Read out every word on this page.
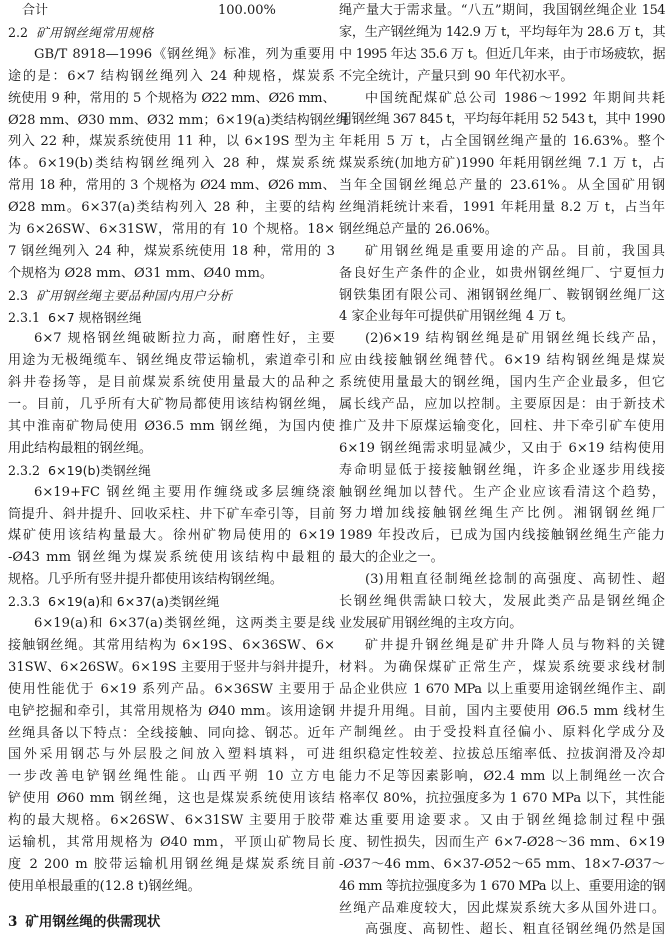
合计	100.00%
2.2 矿用钢丝绳常用规格
GB/T 8918—1996《钢丝绳》标准，列为重要用
途的是：6×7 结构钢丝绳列入 24 种规格，煤炭系
统使用 9 种，常用的 5 个规格为 Ø22 mm、Ø26 mm、
Ø28 mm、Ø30 mm、Ø32 mm；6×19(a)类结构钢丝绳
列入 22 种，煤炭系统使用 11 种，以 6×19S 型为主
体。6×19(b)类结构钢丝绳列入 28 种，煤炭系统
常用 18 种，常用的 3 个规格为 Ø24 mm、Ø26 mm、
Ø28 mm。6×37(a)类结构列入 28 种，主要的结构
为 6×26SW、6×31SW，常用的有 10 个规格。18×
7 钢丝绳列入 24 种，煤炭系统使用 18 种，常用的 3
个规格为 Ø28 mm、Ø31 mm、Ø40 mm。
2.3 矿用钢丝绳主要品种国内用户分析
2.3.1 6×7 规格钢丝绳
6×7 规格钢丝绳破断拉力高，耐磨性好，主要
用途为无极绳缆车、钢丝绳皮带运输机，索道牵引和
斜井卷扬等，是目前煤炭系统使用量最大的品种之
一。目前，几乎所有大矿物局都使用该结构钢丝绳，
其中淮南矿物局使用 Ø36.5 mm 钢丝绳，为国内使
用此结构最粗的钢丝绳。
2.3.2 6×19(b)类钢丝绳
6×19+FC 钢丝绳主要用作缠绕或多层缠绕滚
筒提升、斜井提升、回收采柱、井下矿车牵引等，目前
煤矿使用该结构量最大。徐州矿物局使用的 6×19
-Ø43 mm 钢丝绳为煤炭系统使用该结构中最粗的
规格。几乎所有竖井提升都使用该结构钢丝绳。
2.3.3 6×19(a)和 6×37(a)类钢丝绳
6×19(a)和 6×37(a)类钢丝绳，这两类主要是线
接触钢丝绳。其常用结构为 6×19S、6×36SW、6×
31SW、6×26SW。6×19S 主要用于竖井与斜井提升，
使用性能优于 6×19 系列产品。6×36SW 主要用于
电铲挖掘和牵引，其常用规格为 Ø40 mm。该用途钢
丝绳具备以下特点：全线接触、同向捻、钢芯。近年
国外采用钢芯与外层股之间放入塑料填料，可进
一步改善电铲钢丝绳性能。山西平朔 10 立方电
铲使用 Ø60 mm 钢丝绳，这也是煤炭系统使用该结
构的最大规格。6×26SW、6×31SW 主要用于胶带
运输机，其常用规格为 Ø40 mm，平顶山矿物局长
度 2 200 m 胶带运输机用钢丝绳是煤炭系统目前
使用单根最重的(12.8 t)钢丝绳。
3 矿用钢丝绳的供需现状
绳产量大于需求量。“八五”期间，我国钢丝绳企业 154
家，生产钢丝绳为 142.9 万 t，平均每年为 28.6 万 t，其
中 1995 年达 35.6 万 t。但近几年来，由于市场疲软，据
不完全统计，产量只到 90 年代初水平。
中国统配煤矿总公司 1986～1992 年期间共耗
用钢丝绳 367 845 t，平均每年耗用 52 543 t，其中 1990
年耗用 5 万 t，占全国钢丝绳产量的 16.63%。整个
煤炭系统(加地方矿)1990 年耗用钢丝绳 7.1 万 t，占
当年全国钢丝绳总产量的 23.61%。从全国矿用钢
丝绳消耗统计来看，1991 年耗用量 8.2 万 t，占当年
钢丝绳总产量的 26.06%。
矿用钢丝绳是重要用途的产品。目前，我国具
备良好生产条件的企业，如贵州钢丝绳厂、宁夏恒力
钢铁集团有限公司、湘钢钢丝绳厂、鞍钢钢丝绳厂这
4 家企业每年可提供矿用钢丝绳 4 万 t。
(2)6×19 结构钢丝绳是矿用钢丝绳长线产品，
应由线接触钢丝绳替代。6×19 结构钢丝绳是煤炭
系统使用量最大的钢丝绳，国内生产企业最多，但它
属长线产品，应加以控制。主要原因是：由于新技术
推广及井下原煤运输变化，回柱、井下牵引矿车使用
6×19 钢丝绳需求明显减少，又由于 6×19 结构使用
寿命明显低于接接触钢丝绳，许多企业逐步用线接
触钢丝绳加以替代。生产企业应该看清这个趋势，
努力增加线接触钢丝绳生产比例。湘钢钢丝绳厂
1989 年投改后，已成为国内线接触钢丝绳生产能力
最大的企业之一。
(3)用粗直径制绳丝捻制的高强度、高韧性、超
长钢丝绳供需缺口较大，发展此类产品是钢丝绳企
业发展矿用钢丝绳的主攻方向。
矿井提升钢丝绳是矿井升降人员与物料的关键
材料。为确保煤矿正常生产，煤炭系统要求线材制
品企业供应 1 670 MPa 以上重要用途钢丝绳作主、副
井提升用绳。目前，国内主要使用 Ø6.5 mm 线材生
产制绳丝。由于受投料直径偏小、原料化学成分及
组织稳定性较差、拉拔总压缩率低、拉拔润滑及冷却
能力不足等因素影响，Ø2.4 mm 以上制绳丝一次合
格率仅 80%，抗拉强度多为 1 670 MPa 以下，其性能
难达重要用途要求。又由于钢丝绳捻制过程中强
度、韧性损失，因而生产 6×7-Ø28～36 mm、6×19
-Ø37～46 mm、6×37-Ø52～65 mm、18×7-Ø37～
46 mm 等抗拉强度多为 1 670 MPa 以上、重要用途的钢
丝绳产品难度较大，因此煤炭系统大多从国外进口。
高强度、高韧性、超长、粗直径钢丝绳仍然是国
